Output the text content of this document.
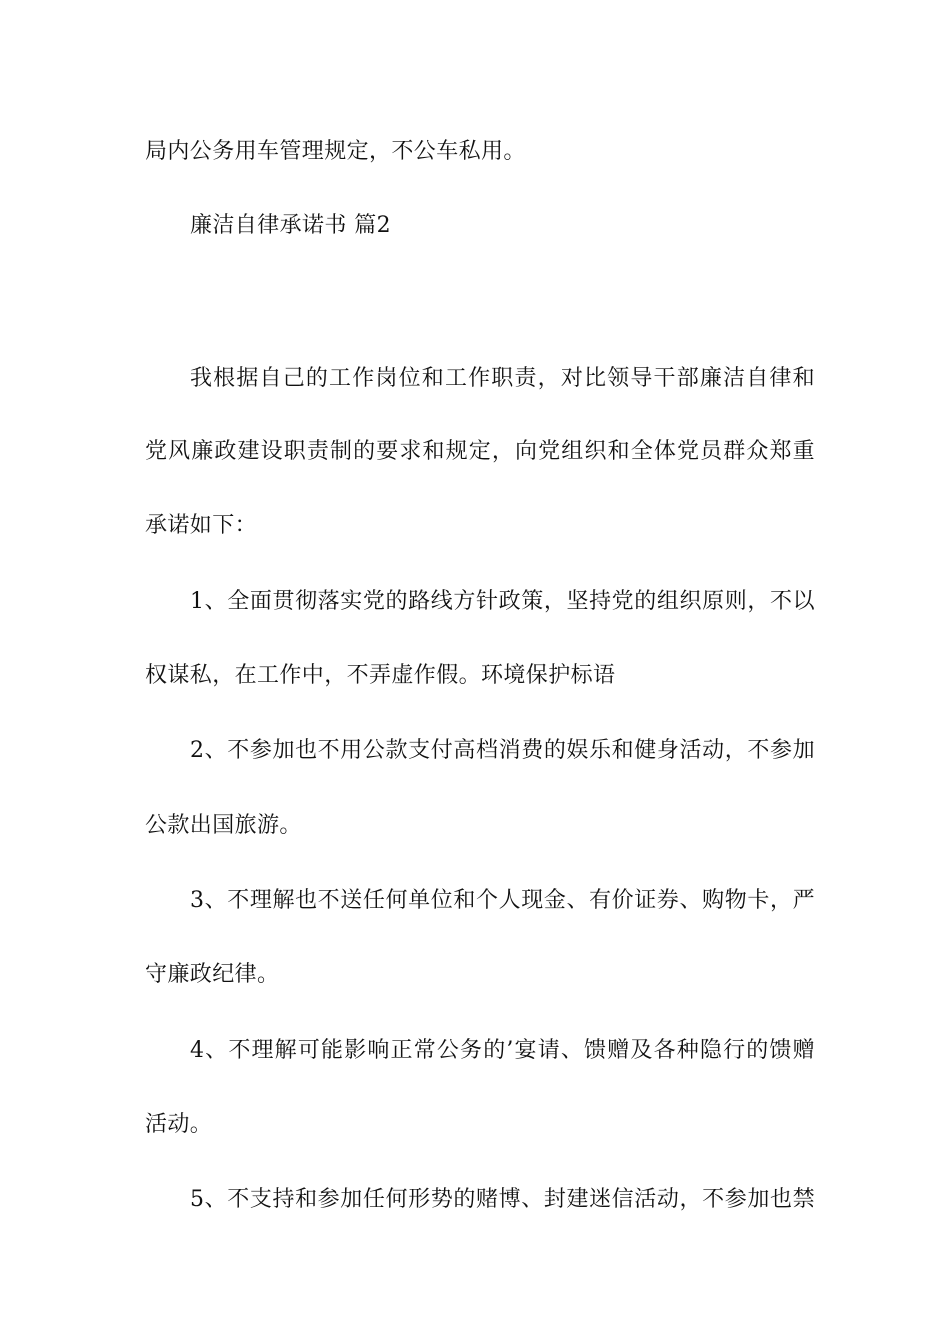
局内公务用车管理规定，不公车私用。
廉洁自律承诺书 篇2
我根据自己的工作岗位和工作职责，对比领导干部廉洁自律和
党风廉政建设职责制的要求和规定，向党组织和全体党员群众郑重
承诺如下：
1、全面贯彻落实党的路线方针政策，坚持党的组织原则，不以
权谋私，在工作中，不弄虚作假。环境保护标语
2、不参加也不用公款支付高档消费的娱乐和健身活动，不参加
公款出国旅游。
3、不理解也不送任何单位和个人现金、有价证券、购物卡，严
守廉政纪律。
4、不理解可能影响正常公务的’宴请、馈赠及各种隐行的馈赠
活动。
5、不支持和参加任何形势的赌博、封建迷信活动，不参加也禁
